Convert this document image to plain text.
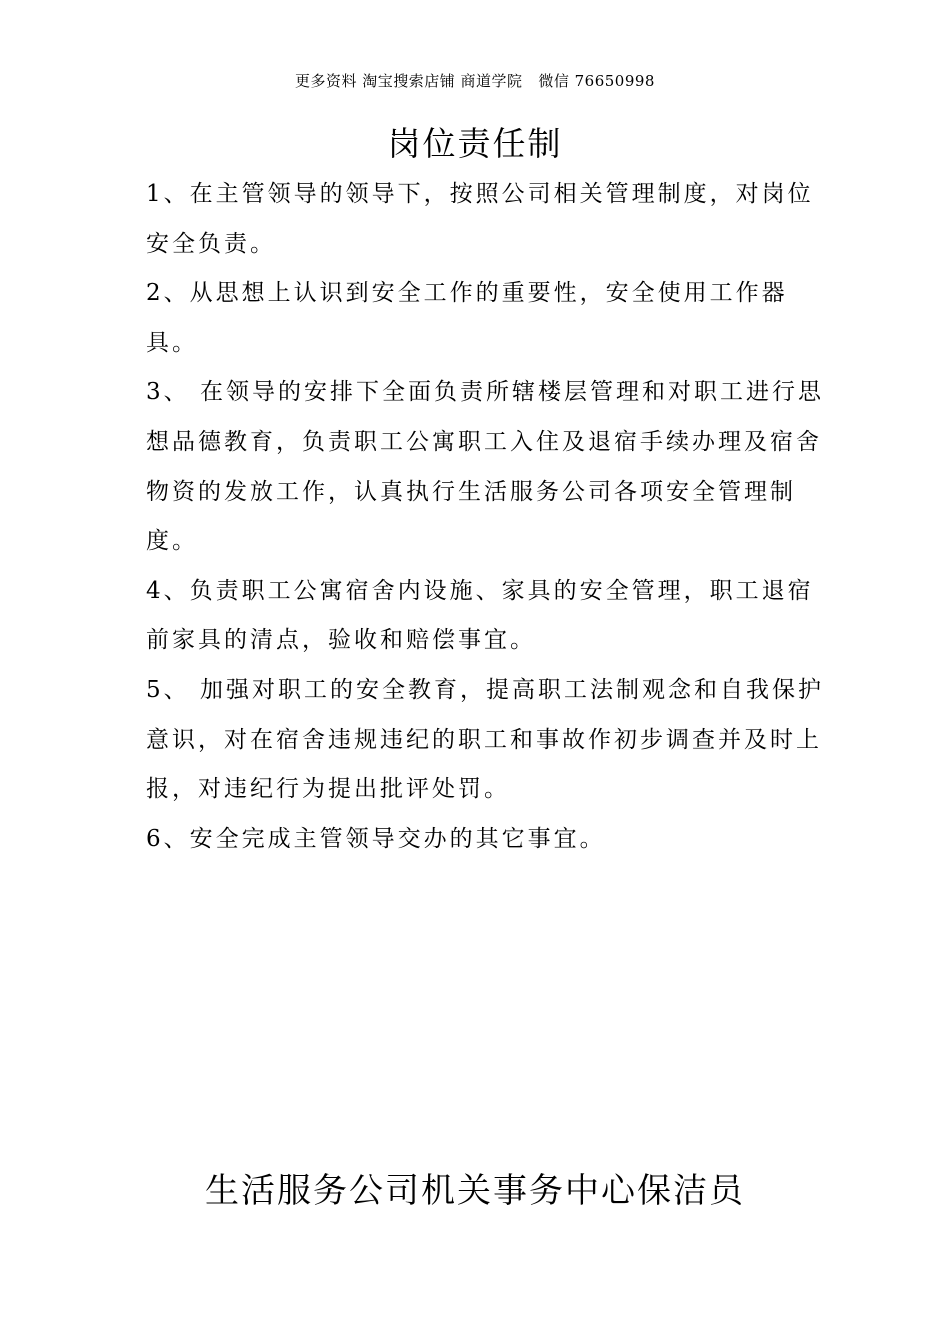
更多资料 淘宝搜索店铺 商道学院   微信 76650998
岗位责任制

1、在主管领导的领导下，按照公司相关管理制度，对岗位安全负责。

2、从思想上认识到安全工作的重要性，安全使用工作器具。

3、 在领导的安排下全面负责所辖楼层管理和对职工进行思想品德教育，负责职工公寓职工入住及退宿手续办理及宿舍物资的发放工作，认真执行生活服务公司各项安全管理制度。

4、负责职工公寓宿舍内设施、家具的安全管理，职工退宿前家具的清点，验收和赔偿事宜。

5、 加强对职工的安全教育，提高职工法制观念和自我保护意识，对在宿舍违规违纪的职工和事故作初步调查并及时上报，对违纪行为提出批评处罚。

6、安全完成主管领导交办的其它事宜。

生活服务公司机关事务中心保洁员
